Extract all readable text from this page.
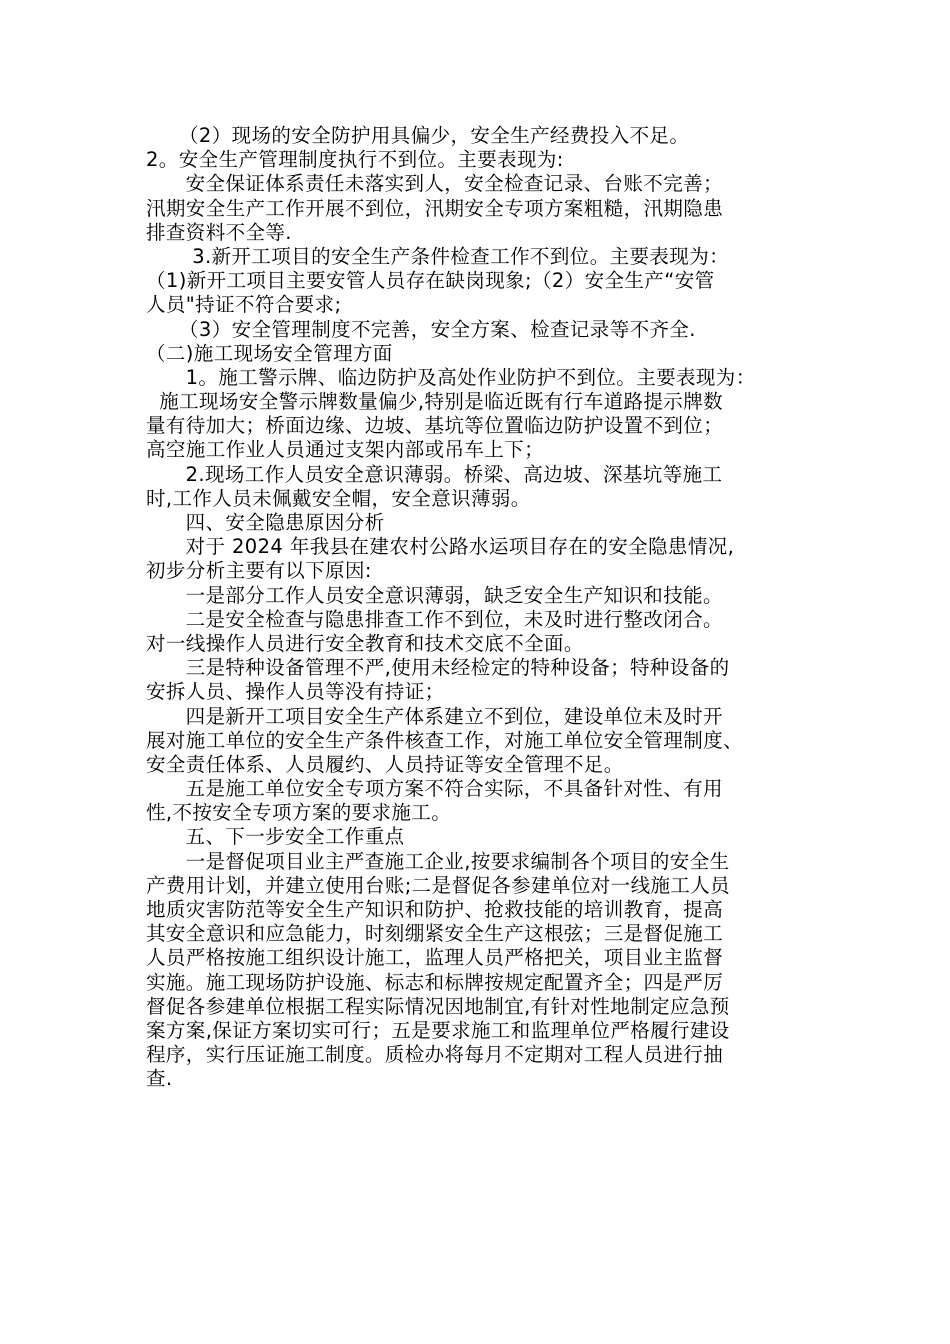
（2）现场的安全防护用具偏少，安全生产经费投入不足。
2。安全生产管理制度执行不到位。主要表现为:
安全保证体系责任未落实到人，安全检查记录、台账不完善；
汛期安全生产工作开展不到位，汛期安全专项方案粗糙，汛期隐患
排查资料不全等.
3.新开工项目的安全生产条件检查工作不到位。主要表现为：
（1)新开工项目主要安管人员存在缺岗现象;（2）安全生产“安管
人员"持证不符合要求;
（3）安全管理制度不完善，安全方案、检查记录等不齐全.
（二)施工现场安全管理方面
1。施工警示牌、临边防护及高处作业防护不到位。主要表现为：
施工现场安全警示牌数量偏少,特别是临近既有行车道路提示牌数
量有待加大；桥面边缘、边坡、基坑等位置临边防护设置不到位；
高空施工作业人员通过支架内部或吊车上下；
2.现场工作人员安全意识薄弱。桥梁、高边坡、深基坑等施工
时,工作人员未佩戴安全帽，安全意识薄弱。
四、安全隐患原因分析
对于 2024 年我县在建农村公路水运项目存在的安全隐患情况,
初步分析主要有以下原因:
一是部分工作人员安全意识薄弱，缺乏安全生产知识和技能。
二是安全检查与隐患排查工作不到位，未及时进行整改闭合。
对一线操作人员进行安全教育和技术交底不全面。
三是特种设备管理不严,使用未经检定的特种设备；特种设备的
安拆人员、操作人员等没有持证；
四是新开工项目安全生产体系建立不到位，建设单位未及时开
展对施工单位的安全生产条件核查工作，对施工单位安全管理制度、
安全责任体系、人员履约、人员持证等安全管理不足。
五是施工单位安全专项方案不符合实际，不具备针对性、有用
性,不按安全专项方案的要求施工。
五、下一步安全工作重点
一是督促项目业主严查施工企业,按要求编制各个项目的安全生
产费用计划，并建立使用台账;二是督促各参建单位对一线施工人员
地质灾害防范等安全生产知识和防护、抢救技能的培训教育，提高
其安全意识和应急能力，时刻绷紧安全生产这根弦；三是督促施工
人员严格按施工组织设计施工，监理人员严格把关，项目业主监督
实施。施工现场防护设施、标志和标牌按规定配置齐全；四是严厉
督促各参建单位根据工程实际情况因地制宜,有针对性地制定应急预
案方案,保证方案切实可行；五是要求施工和监理单位严格履行建设
程序，实行压证施工制度。质检办将每月不定期对工程人员进行抽
查.
